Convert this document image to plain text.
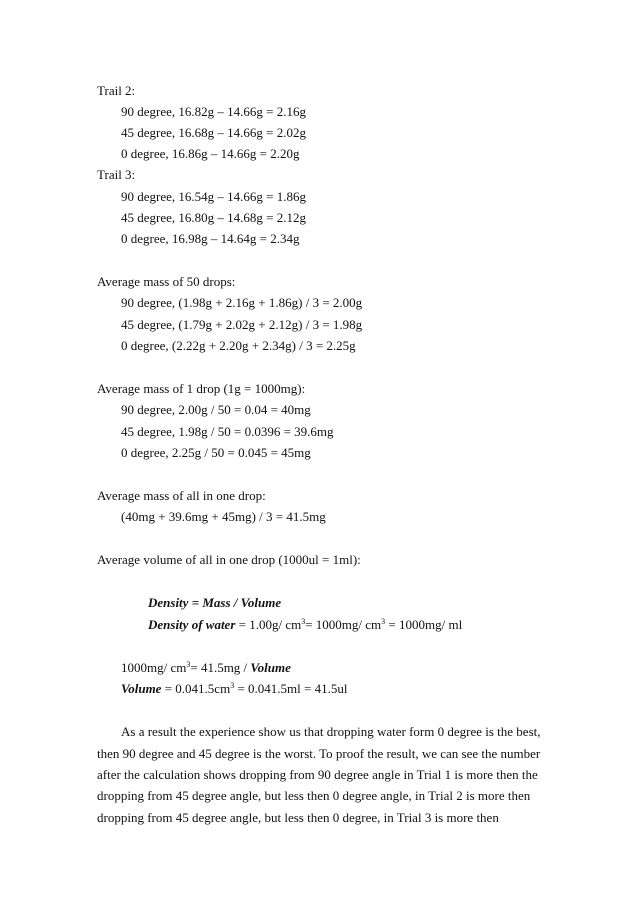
Trail 2:
90 degree, 16.82g – 14.66g = 2.16g
45 degree, 16.68g – 14.66g = 2.02g
0 degree, 16.86g – 14.66g = 2.20g
Trail 3:
90 degree, 16.54g – 14.66g = 1.86g
45 degree, 16.80g – 14.68g = 2.12g
0 degree, 16.98g – 14.64g = 2.34g
Average mass of 50 drops:
90 degree, (1.98g + 2.16g + 1.86g) / 3 = 2.00g
45 degree, (1.79g + 2.02g + 2.12g) / 3 = 1.98g
0 degree, (2.22g + 2.20g + 2.34g) / 3 = 2.25g
Average mass of 1 drop (1g = 1000mg):
90 degree, 2.00g / 50 = 0.04 = 40mg
45 degree, 1.98g / 50 = 0.0396 = 39.6mg
0 degree, 2.25g / 50 = 0.045 = 45mg
Average mass of all in one drop:
(40mg + 39.6mg + 45mg) / 3 = 41.5mg
Average volume of all in one drop (1000ul = 1ml):
Density = Mass / Volume
Density of water = 1.00g/ $cm^3= 1000mg/$ $cm^3 = 1000mg/$ ml
1000mg/ $cm^3= 41.5mg$ / Volume
Volume = $0.041.5cm^3 = 0.041.5ml = 41.5ul$
As a result the experience show us that dropping water form 0 degree is the best,
then 90 degree and 45 degree is the worst. To proof the result, we can see the number
after the calculation shows dropping from 90 degree angle in Trial 1 is more then the
dropping from 45 degree angle, but less then 0 degree angle, in Trial 2 is more then
dropping from 45 degree angle, but less then 0 degree, in Trial 3 is more then
